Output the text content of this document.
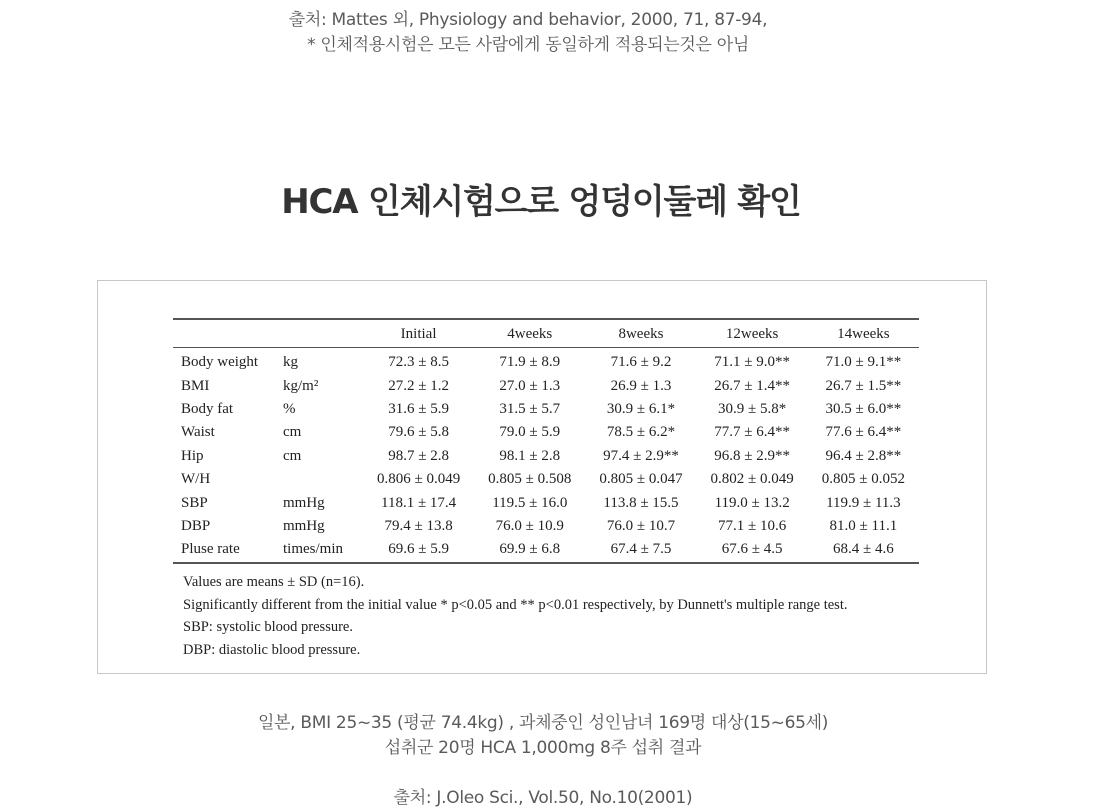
출처: Mattes 외, Physiology and behavior, 2000, 71, 87-94,
* 인체적용시험은 모든 사람에게 동일하게 적용되는것은 아님
HCA 인체시험으로 엉덩이둘레 확인
		Initial	4weeks	8weeks	12weeks	14weeks
Body weight	kg	72.3 ± 8.5	71.9 ± 8.9	71.6 ± 9.2	71.1 ± 9.0**	71.0 ± 9.1**
BMI	kg/m²	27.2 ± 1.2	27.0 ± 1.3	26.9 ± 1.3	26.7 ± 1.4**	26.7 ± 1.5**
Body fat	%	31.6 ± 5.9	31.5 ± 5.7	30.9 ± 6.1*	30.9 ± 5.8*	30.5 ± 6.0**
Waist	cm	79.6 ± 5.8	79.0 ± 5.9	78.5 ± 6.2*	77.7 ± 6.4**	77.6 ± 6.4**
Hip	cm	98.7 ± 2.8	98.1 ± 2.8	97.4 ± 2.9**	96.8 ± 2.9**	96.4 ± 2.8**
W/H		0.806 ± 0.049	0.805 ± 0.508	0.805 ± 0.047	0.802 ± 0.049	0.805 ± 0.052
SBP	mmHg	118.1 ± 17.4	119.5 ± 16.0	113.8 ± 15.5	119.0 ± 13.2	119.9 ± 11.3
DBP	mmHg	79.4 ± 13.8	76.0 ± 10.9	76.0 ± 10.7	77.1 ± 10.6	81.0 ± 11.1
Pluse rate	times/min	69.6 ± 5.9	69.9 ± 6.8	67.4 ± 7.5	67.6 ± 4.5	68.4 ± 4.6
Values are means ± SD (n=16).
Significantly different from the initial value * p<0.05 and ** p<0.01 respectively, by Dunnett's multiple range test.
SBP: systolic blood pressure.
DBP: diastolic blood pressure.
일본, BMI 25~35 (평균 74.4kg) , 과체중인 성인남녀 169명 대상(15~65세)
섭취군 20명 HCA 1,000mg 8주 섭취 결과
출처: J.Oleo Sci., Vol.50, No.10(2001)
